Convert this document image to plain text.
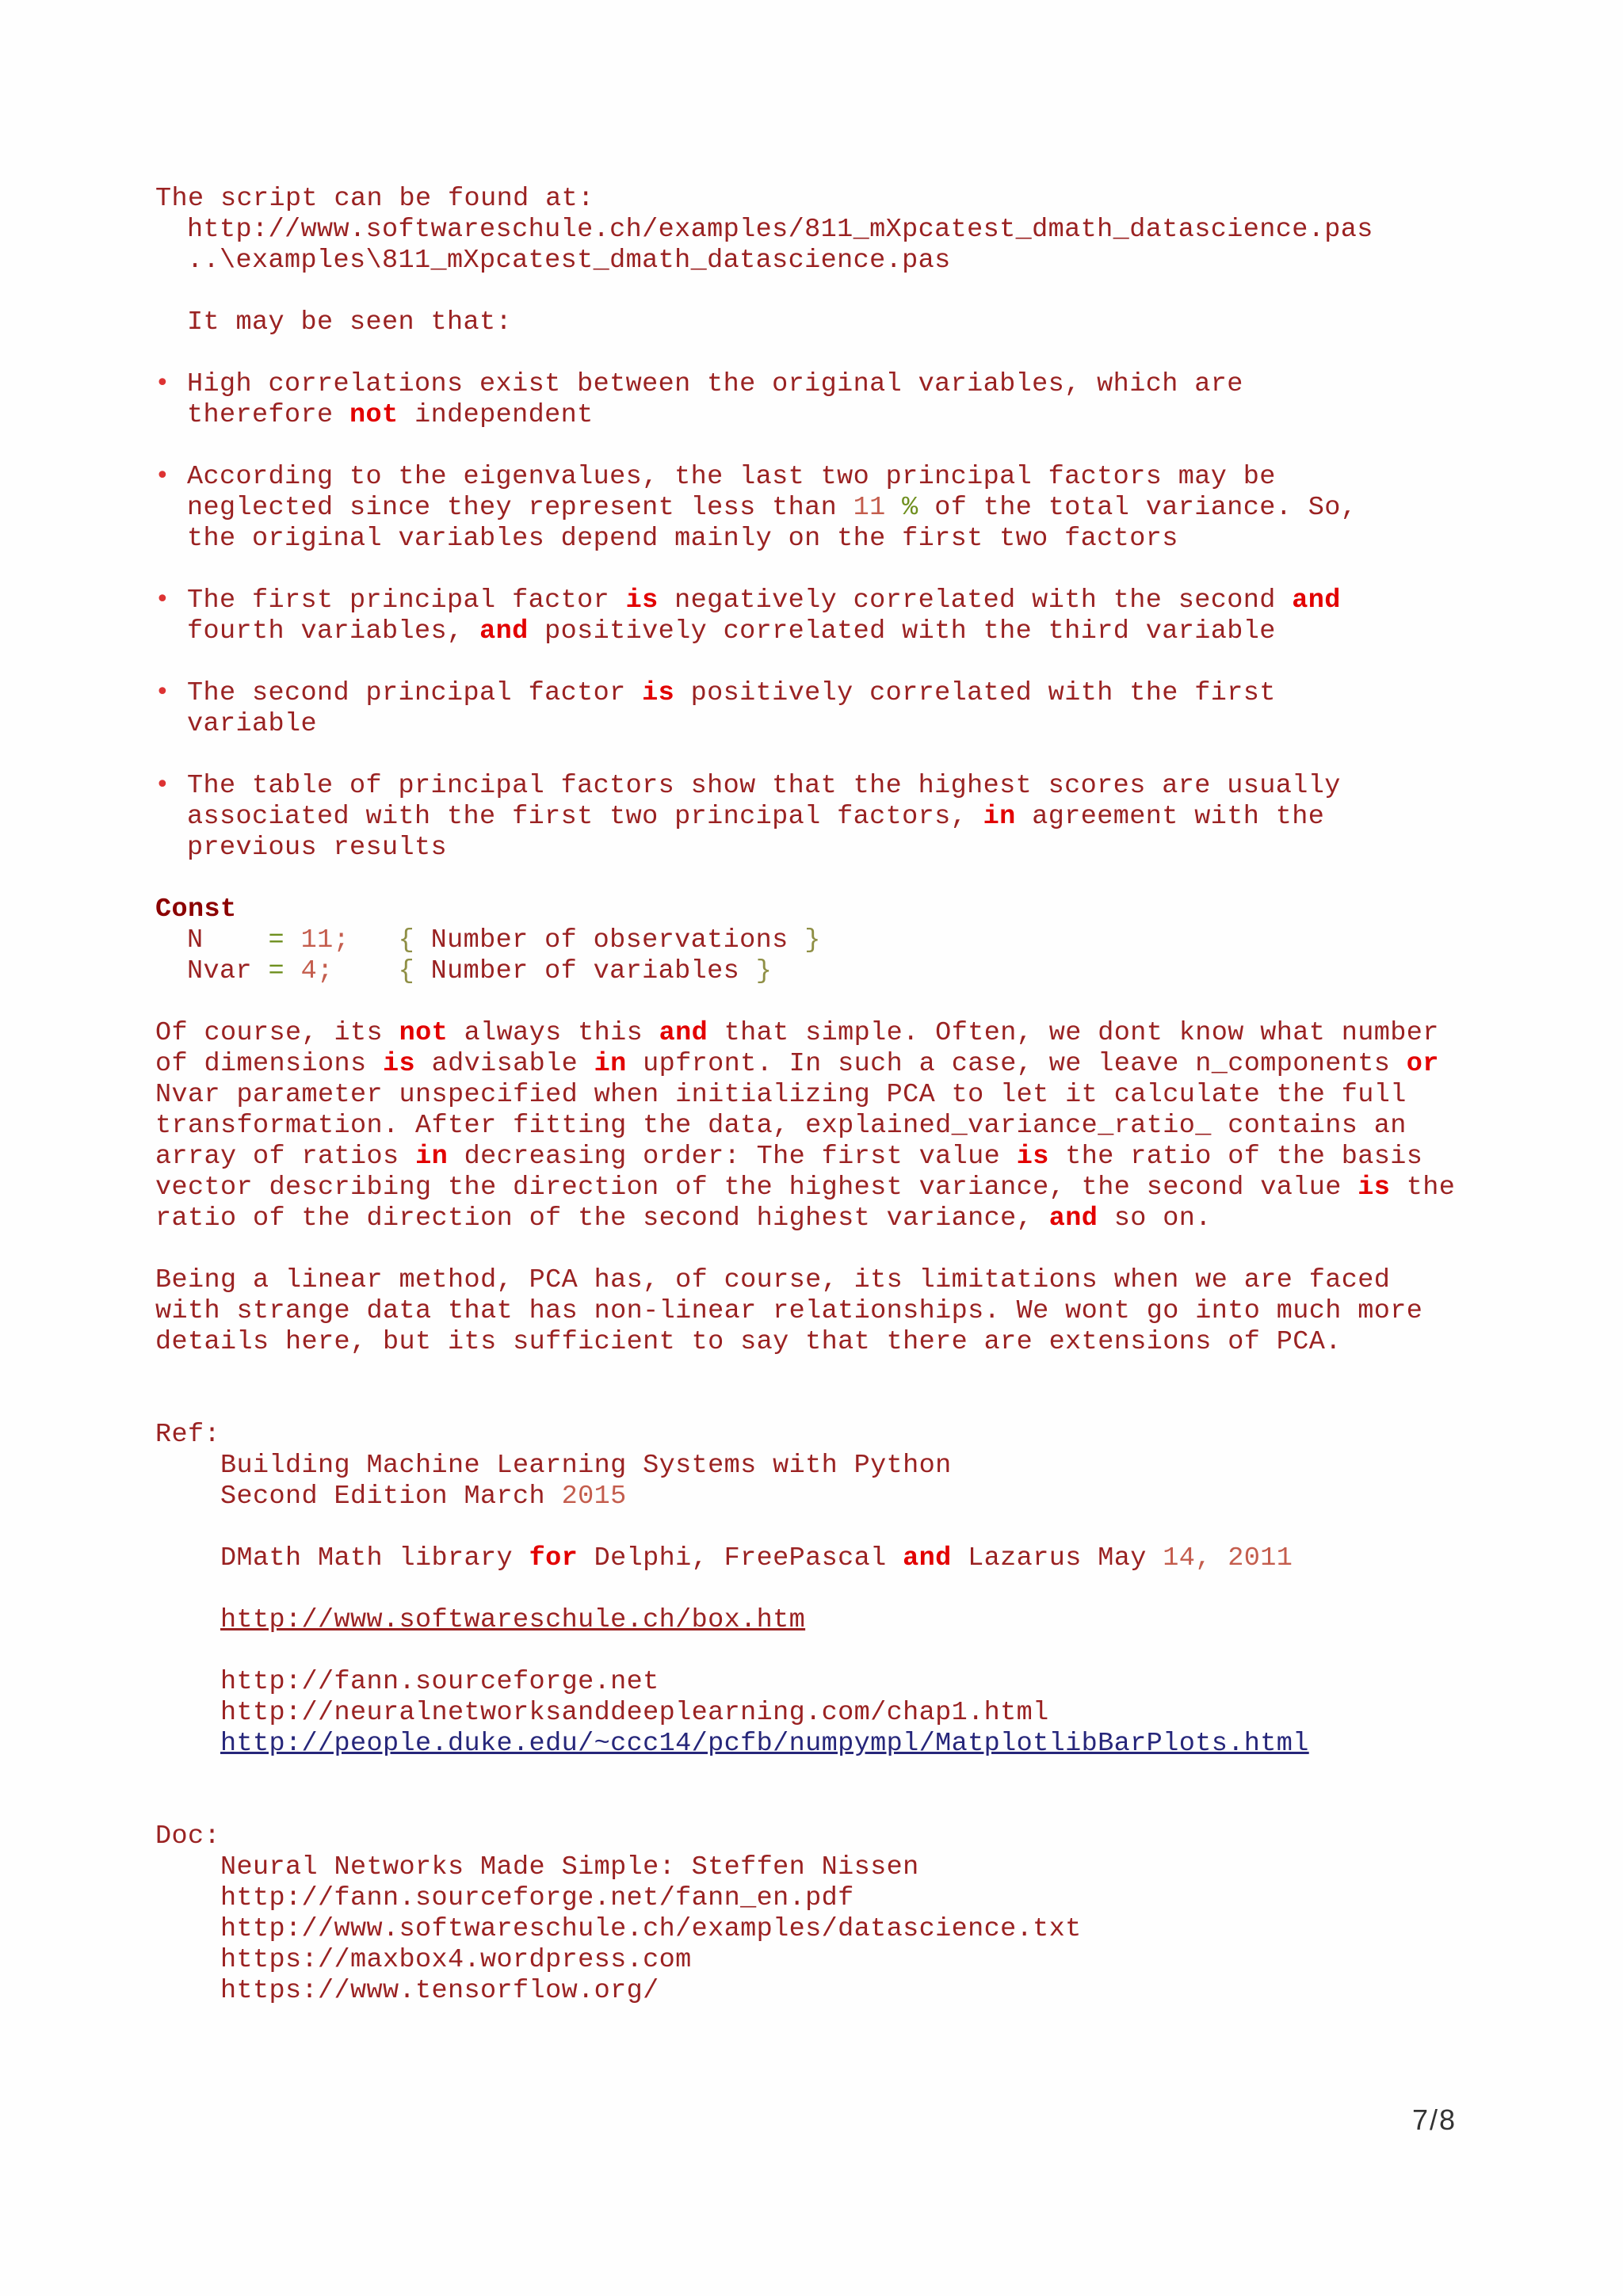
The script can be found at:
http://www.softwareschule.ch/examples/811_mXpcatest_dmath_datascience.pas
..\examples\811_mXpcatest_dmath_datascience.pas
It may be seen that:
• High correlations exist between the original variables, which are
therefore not independent
• According to the eigenvalues, the last two principal factors may be
neglected since they represent less than 11 % of the total variance. So,
the original variables depend mainly on the first two factors
• The first principal factor is negatively correlated with the second and
fourth variables, and positively correlated with the third variable
• The second principal factor is positively correlated with the first
variable
• The table of principal factors show that the highest scores are usually
associated with the first two principal factors, in agreement with the
previous results
Const
N = 11; { Number of observations }
Nvar = 4; { Number of variables }
Of course, its not always this and that simple. Often, we dont know what number
of dimensions is advisable in upfront. In such a case, we leave n_components or
Nvar parameter unspecified when initializing PCA to let it calculate the full
transformation. After fitting the data, explained_variance_ratio_ contains an
array of ratios in decreasing order: The first value is the ratio of the basis
vector describing the direction of the highest variance, the second value is the
ratio of the direction of the second highest variance, and so on.
Being a linear method, PCA has, of course, its limitations when we are faced
with strange data that has non-linear relationships. We wont go into much more
details here, but its sufficient to say that there are extensions of PCA.
Ref:
Building Machine Learning Systems with Python
Second Edition March 2015
DMath Math library for Delphi, FreePascal and Lazarus May 14, 2011
http://www.softwareschule.ch/box.htm
http://fann.sourceforge.net
http://neuralnetworksanddeeplearning.com/chap1.html
http://people.duke.edu/~ccc14/pcfb/numpympl/MatplotlibBarPlots.html
Doc:
Neural Networks Made Simple: Steffen Nissen
http://fann.sourceforge.net/fann_en.pdf
http://www.softwareschule.ch/examples/datascience.txt
https://maxbox4.wordpress.com
https://www.tensorflow.org/
7/8
